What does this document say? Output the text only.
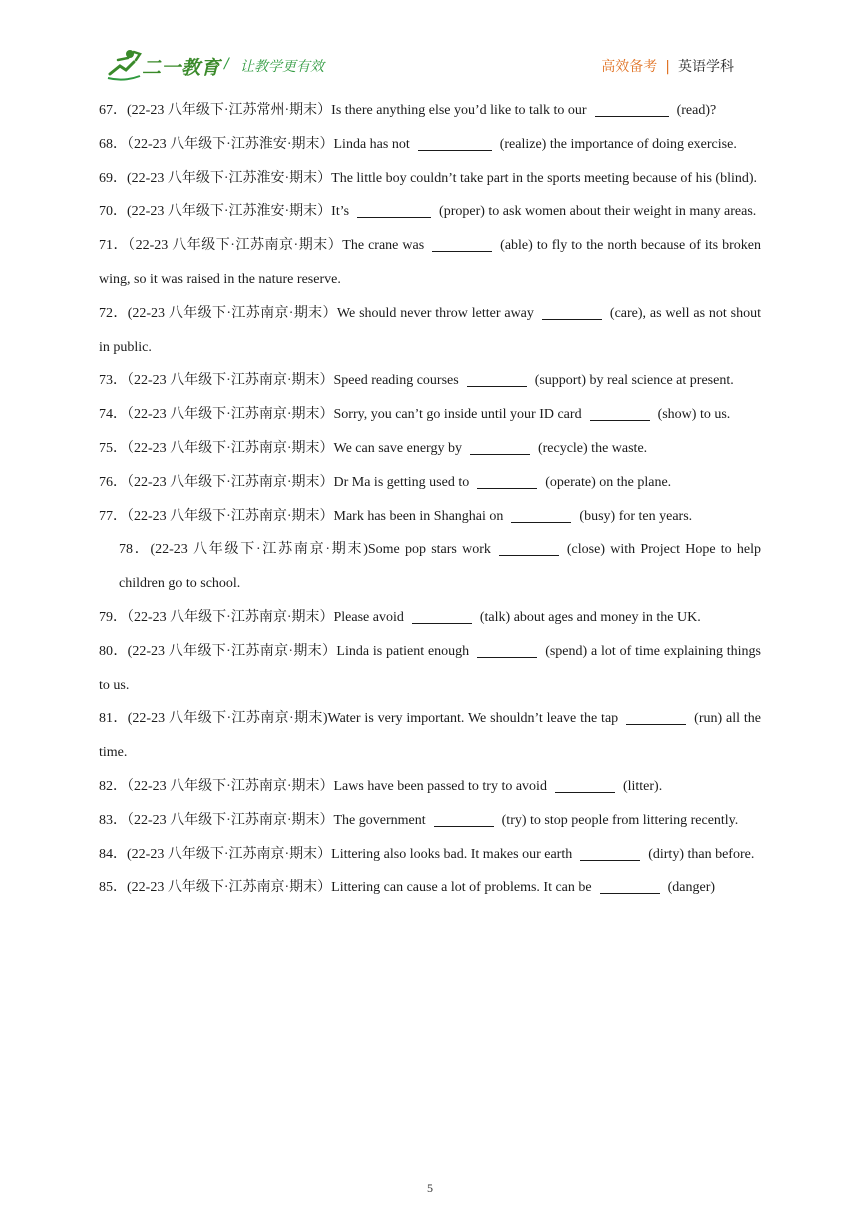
二一教育 / 让教学更有效	高效备考 | 英语学科
67．(22-23 八年级下·江苏常州·期末）Is there anything else you’d like to talk to our	(read)?
68．（22-23 八年级下·江苏淮安·期末）Linda has not	(realize) the importance of doing exercise.
69．(22-23 八年级下·江苏淮安·期末）The little boy couldn’t take part in the sports meeting because of his (blind).
70．(22-23 八年级下·江苏淮安·期末）It’s	(proper) to ask women about their weight in many areas.
71．（22-23 八年级下·江苏南京·期末）The crane was	(able) to fly to the north because of its broken wing, so it was raised in the nature reserve.
72．(22-23 八年级下·江苏南京·期末）We should never throw letter away	(care), as well as not shout in public.
73．（22-23 八年级下·江苏南京·期末）Speed reading courses	(support) by real science at present.
74．（22-23 八年级下·江苏南京·期末）Sorry, you can’t go inside until your ID card	(show) to us.
75．（22-23 八年级下·江苏南京·期末）We can save energy by	(recycle) the waste.
76．（22-23 八年级下·江苏南京·期末）Dr Ma is getting used to	(operate) on the plane.
77．（22-23 八年级下·江苏南京·期末）Mark has been in Shanghai on	(busy) for ten years.
78．(22-23 八年级下·江苏南京·期末)Some pop stars work	(close) with Project Hope to help children go to school.
79．（22-23 八年级下·江苏南京·期末）Please avoid	(talk) about ages and money in the UK.
80．(22-23 八年级下·江苏南京·期末）Linda is patient enough	(spend) a lot of time explaining things to us.
81．(22-23 八年级下·江苏南京·期末)Water is very important. We shouldn’t leave the tap	(run) all the time.
82．（22-23 八年级下·江苏南京·期末）Laws have been passed to try to avoid	(litter).
83．（22-23 八年级下·江苏南京·期末）The government	(try) to stop people from littering recently.
84．(22-23 八年级下·江苏南京·期末）Littering also looks bad. It makes our earth	(dirty) than before.
85．(22-23 八年级下·江苏南京·期末）Littering can cause a lot of problems. It can be	(danger)
5
